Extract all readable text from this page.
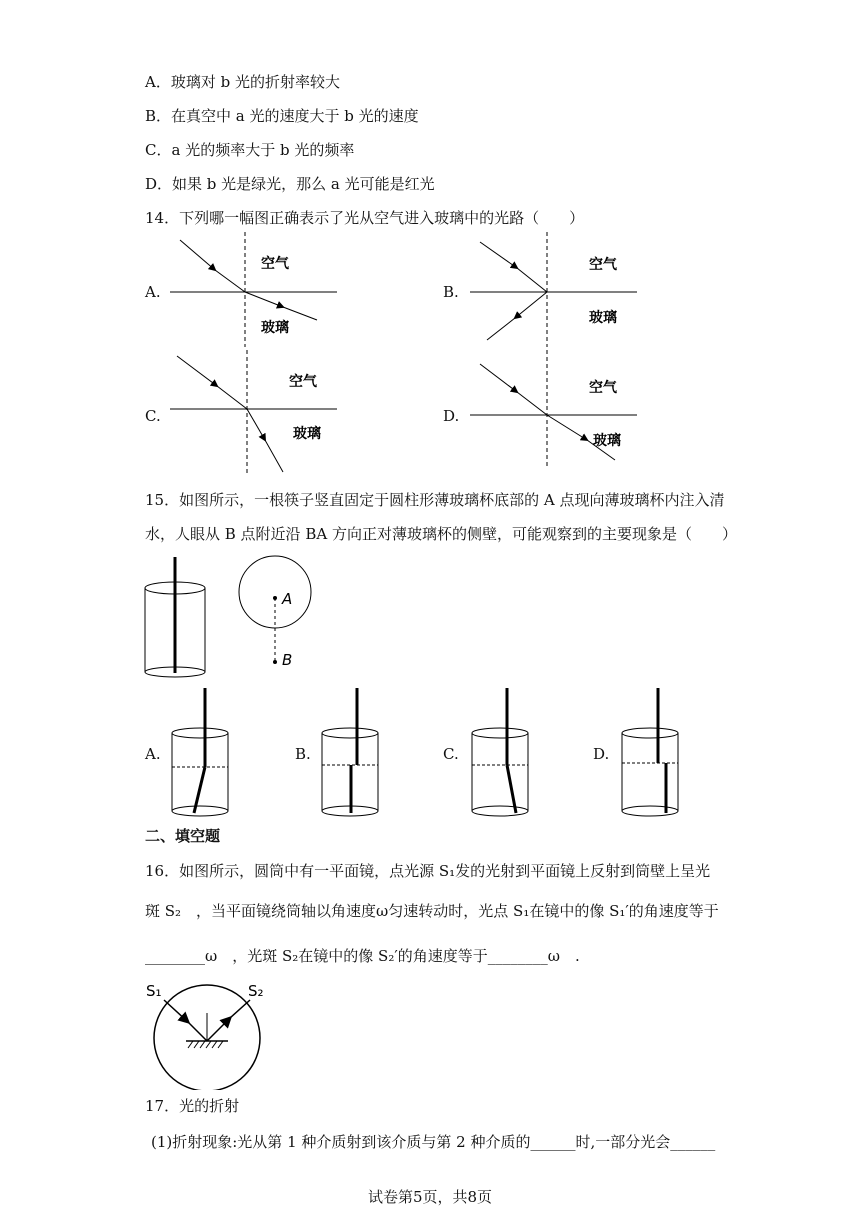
A．玻璃对 b 光的折射率较大
B．在真空中 a 光的速度大于 b 光的速度
C．a 光的频率大于 b 光的频率
D．如果 b 光是绿光，那么 a 光可能是红光
14．下列哪一幅图正确表示了光从空气进入玻璃中的光路（　　）
A.
空气
玻璃
B.
空气
玻璃
C.
空气
玻璃
D.
空气
玻璃
15．如图所示，一根筷子竖直固定于圆柱形薄玻璃杯底部的 A 点现向薄玻璃杯内注入清
水，人眼从 B 点附近沿 BA 方向正对薄玻璃杯的侧壁，可能观察到的主要现象是（　　）
A
B
A.	B.	C.	D.
二、填空题
16．如图所示，圆筒中有一平面镜，点光源 S₁发的光射到平面镜上反射到筒壁上呈光
斑 S₂　，当平面镜绕筒轴以角速度ω匀速转动时，光点 S₁在镜中的像 S₁′的角速度等于
________ω　，光斑 S₂在镜中的像 S₂′的角速度等于________ω　.
S₁	S₂
17．光的折射
(1)折射现象:光从第 1 种介质射到该介质与第 2 种介质的______时,一部分光会______
试卷第5页，共8页
